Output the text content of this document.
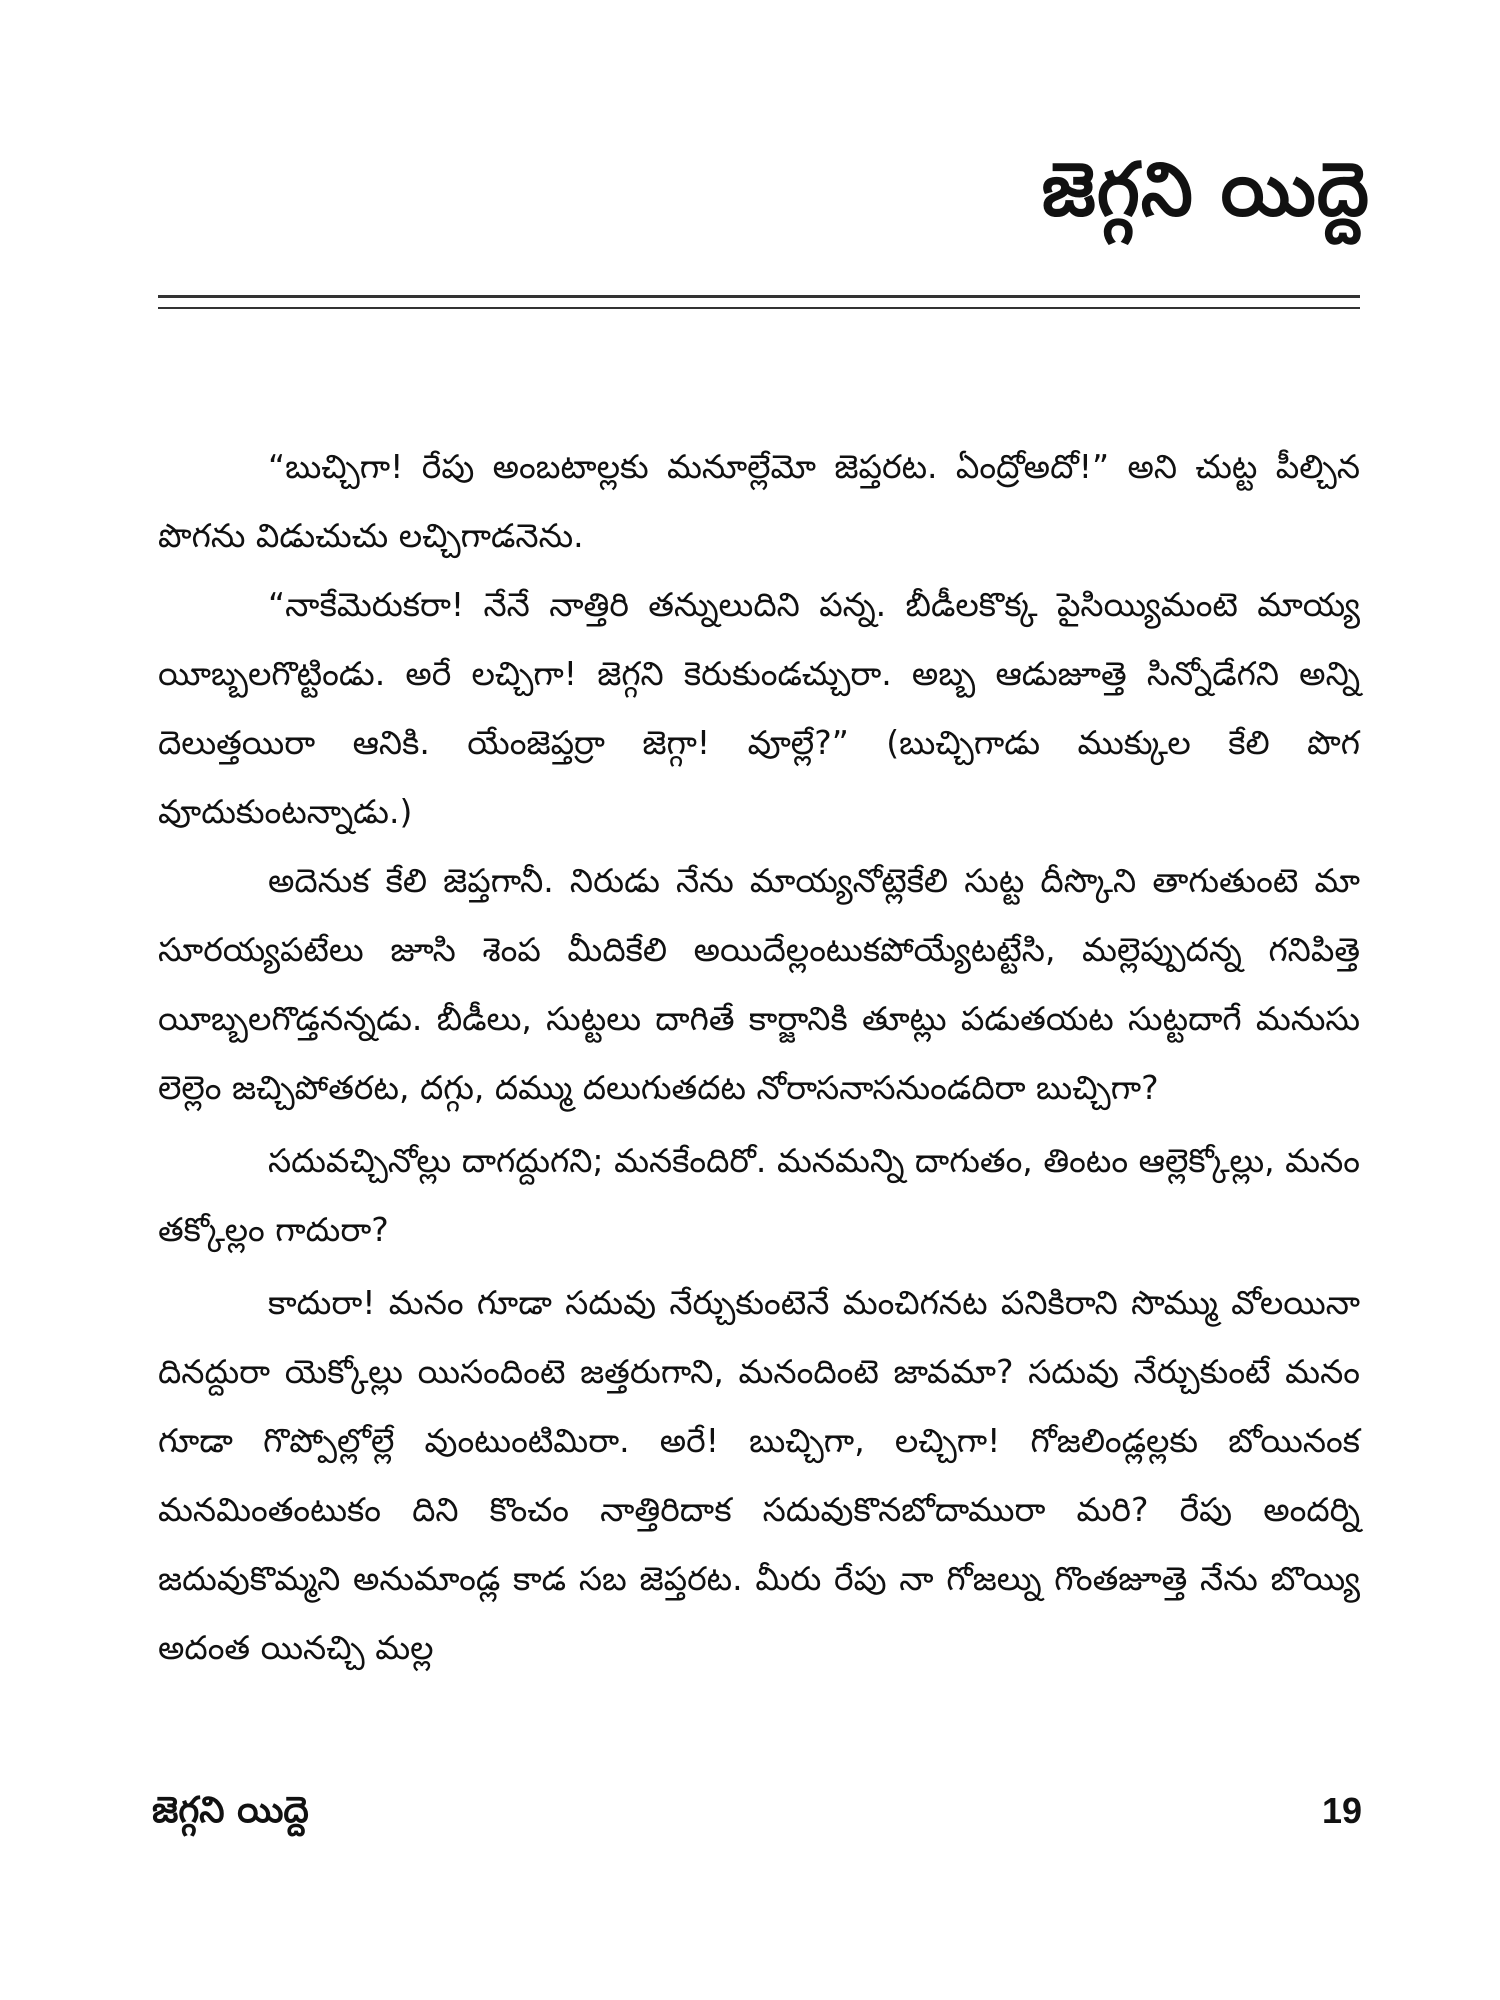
జెగ్గని యిద్దె

“బుచ్చిగా! రేపు అంబటాల్లకు మనూల్లేమో జెప్తరట. ఏంద్రోఅదో!” అని చుట్ట పీల్చిన పొగను విడుచుచు లచ్చిగాడనెను.

“నాకేమెరుకరా! నేనే నాత్తిరి తన్నులుదిని పన్న. బీడీలకొక్క పైసియ్యిమంటె మాయ్య యీబ్బలగొట్టిండు. అరే లచ్చిగా! జెగ్గని కెరుకుండచ్చురా. అబ్బ ఆడుజూత్తె సిన్నోడేగని అన్ని దెలుత్తయిరా ఆనికి. యేంజెప్తర్రా జెగ్గా! వూల్లే?” (బుచ్చిగాడు ముక్కుల కేలి పొగ వూదుకుంటన్నాడు.)

అదెనుక కేలి జెప్తగానీ. నిరుడు నేను మాయ్యనోట్లెకేలి సుట్ట దీస్కొని తాగుతుంటె మా సూరయ్యపటేలు జూసి శెంప మీదికేలి అయిదేల్లంటుకపోయ్యేటట్టేసి, మల్లెప్పుదన్న గనిపిత్తె యీబ్బలగొడ్తనన్నడు. బీడీలు, సుట్టలు దాగితే కార్జానికి తూట్లు పడుతయట సుట్టదాగే మనుసు లెల్లెం జచ్చిపోతరట, దగ్గు, దమ్ము దలుగుతదట నోరాసనాసనుండదిరా బుచ్చిగా?

సదువచ్చినోల్లు దాగద్దుగని; మనకేందిరో. మనమన్ని దాగుతం, తింటం ఆల్లెక్కోల్లు, మనం తక్కోల్లం గాదురా?

కాదురా! మనం గూడా సదువు నేర్చుకుంటెనే మంచిగనట పనికిరాని సొమ్ము వోలయినా దినద్దురా యెక్కోల్లు యిసందింటె జత్తరుగాని, మనందింటె జావమా? సదువు నేర్చుకుంటే మనం గూడా గొప్పోల్లోల్లే వుంటుంటిమిరా. అరే! బుచ్చిగా, లచ్చిగా! గోజలిండ్లల్లకు బోయినంక మనమింతంటుకం దిని కొంచం నాత్తిరిదాక సదువుకొనబోదామురా మరి? రేపు అందర్ని జదువుకొమ్మని అనుమాండ్ల కాడ సబ జెప్తరట. మీరు రేపు నా గోజల్ను గొంతజూత్తె నేను బొయ్యి అదంత యినచ్చి మల్ల

జెగ్గని యిద్దె	19
